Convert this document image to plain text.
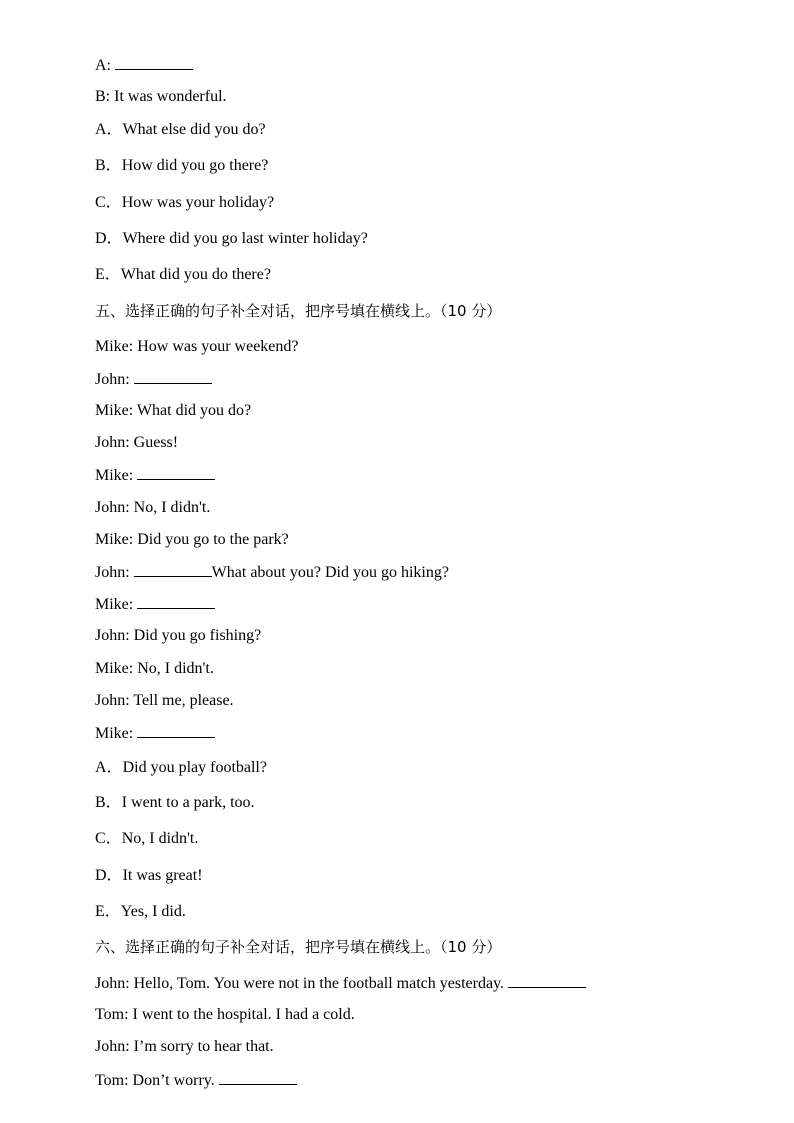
A:
B: It was wonderful.
A．What else did you do?
B．How did you go there?
C．How was your holiday?
D．Where did you go last winter holiday?
E．What did you do there?
五、选择正确的句子补全对话，把序号填在横线上。（10 分）
Mike: How was your weekend?
John:
Mike: What did you do?
John: Guess!
Mike:
John: No, I didn't.
Mike: Did you go to the park?
John:	What about you? Did you go hiking?
Mike:
John: Did you go fishing?
Mike: No, I didn't.
John: Tell me, please.
Mike:
A．Did you play football?
B．I went to a park, too.
C．No, I didn't.
D．It was great!
E．Yes, I did.
六、选择正确的句子补全对话，把序号填在横线上。（10 分）
John: Hello, Tom. You were not in the football match yesterday.
Tom: I went to the hospital. I had a cold.
John: I’m sorry to hear that.
Tom: Don’t worry.
